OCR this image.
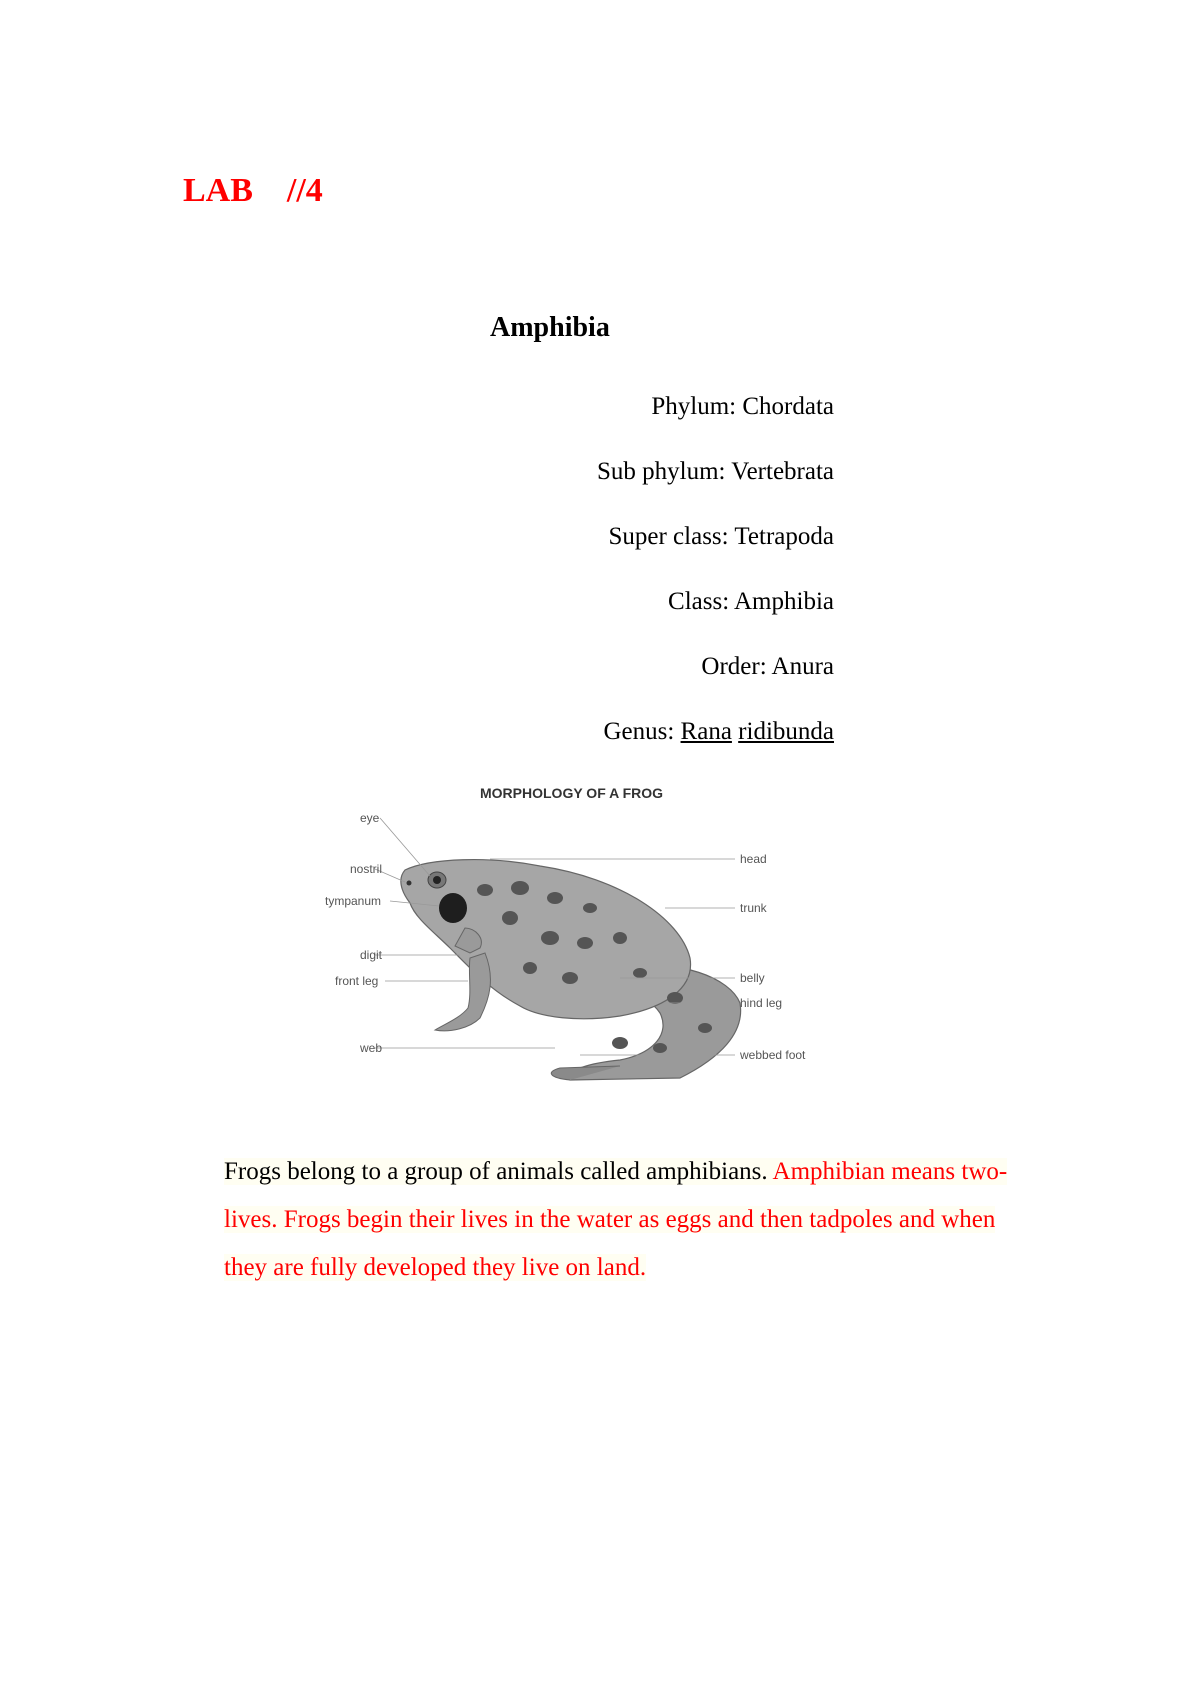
LAB    //4
Amphibia
Phylum: Chordata
Sub phylum: Vertebrata
Super class: Tetrapoda
Class: Amphibia
Order: Anura
Genus: Rana ridibunda
MORPHOLOGY OF A FROG
eye
nostril
tympanum
digit
front leg
web
head
trunk
belly
hind leg
webbed foot

Frogs belong to a group of animals called amphibians. Amphibian means two-lives. Frogs begin their lives in the water as eggs and then tadpoles and when they are fully developed they live on land.
